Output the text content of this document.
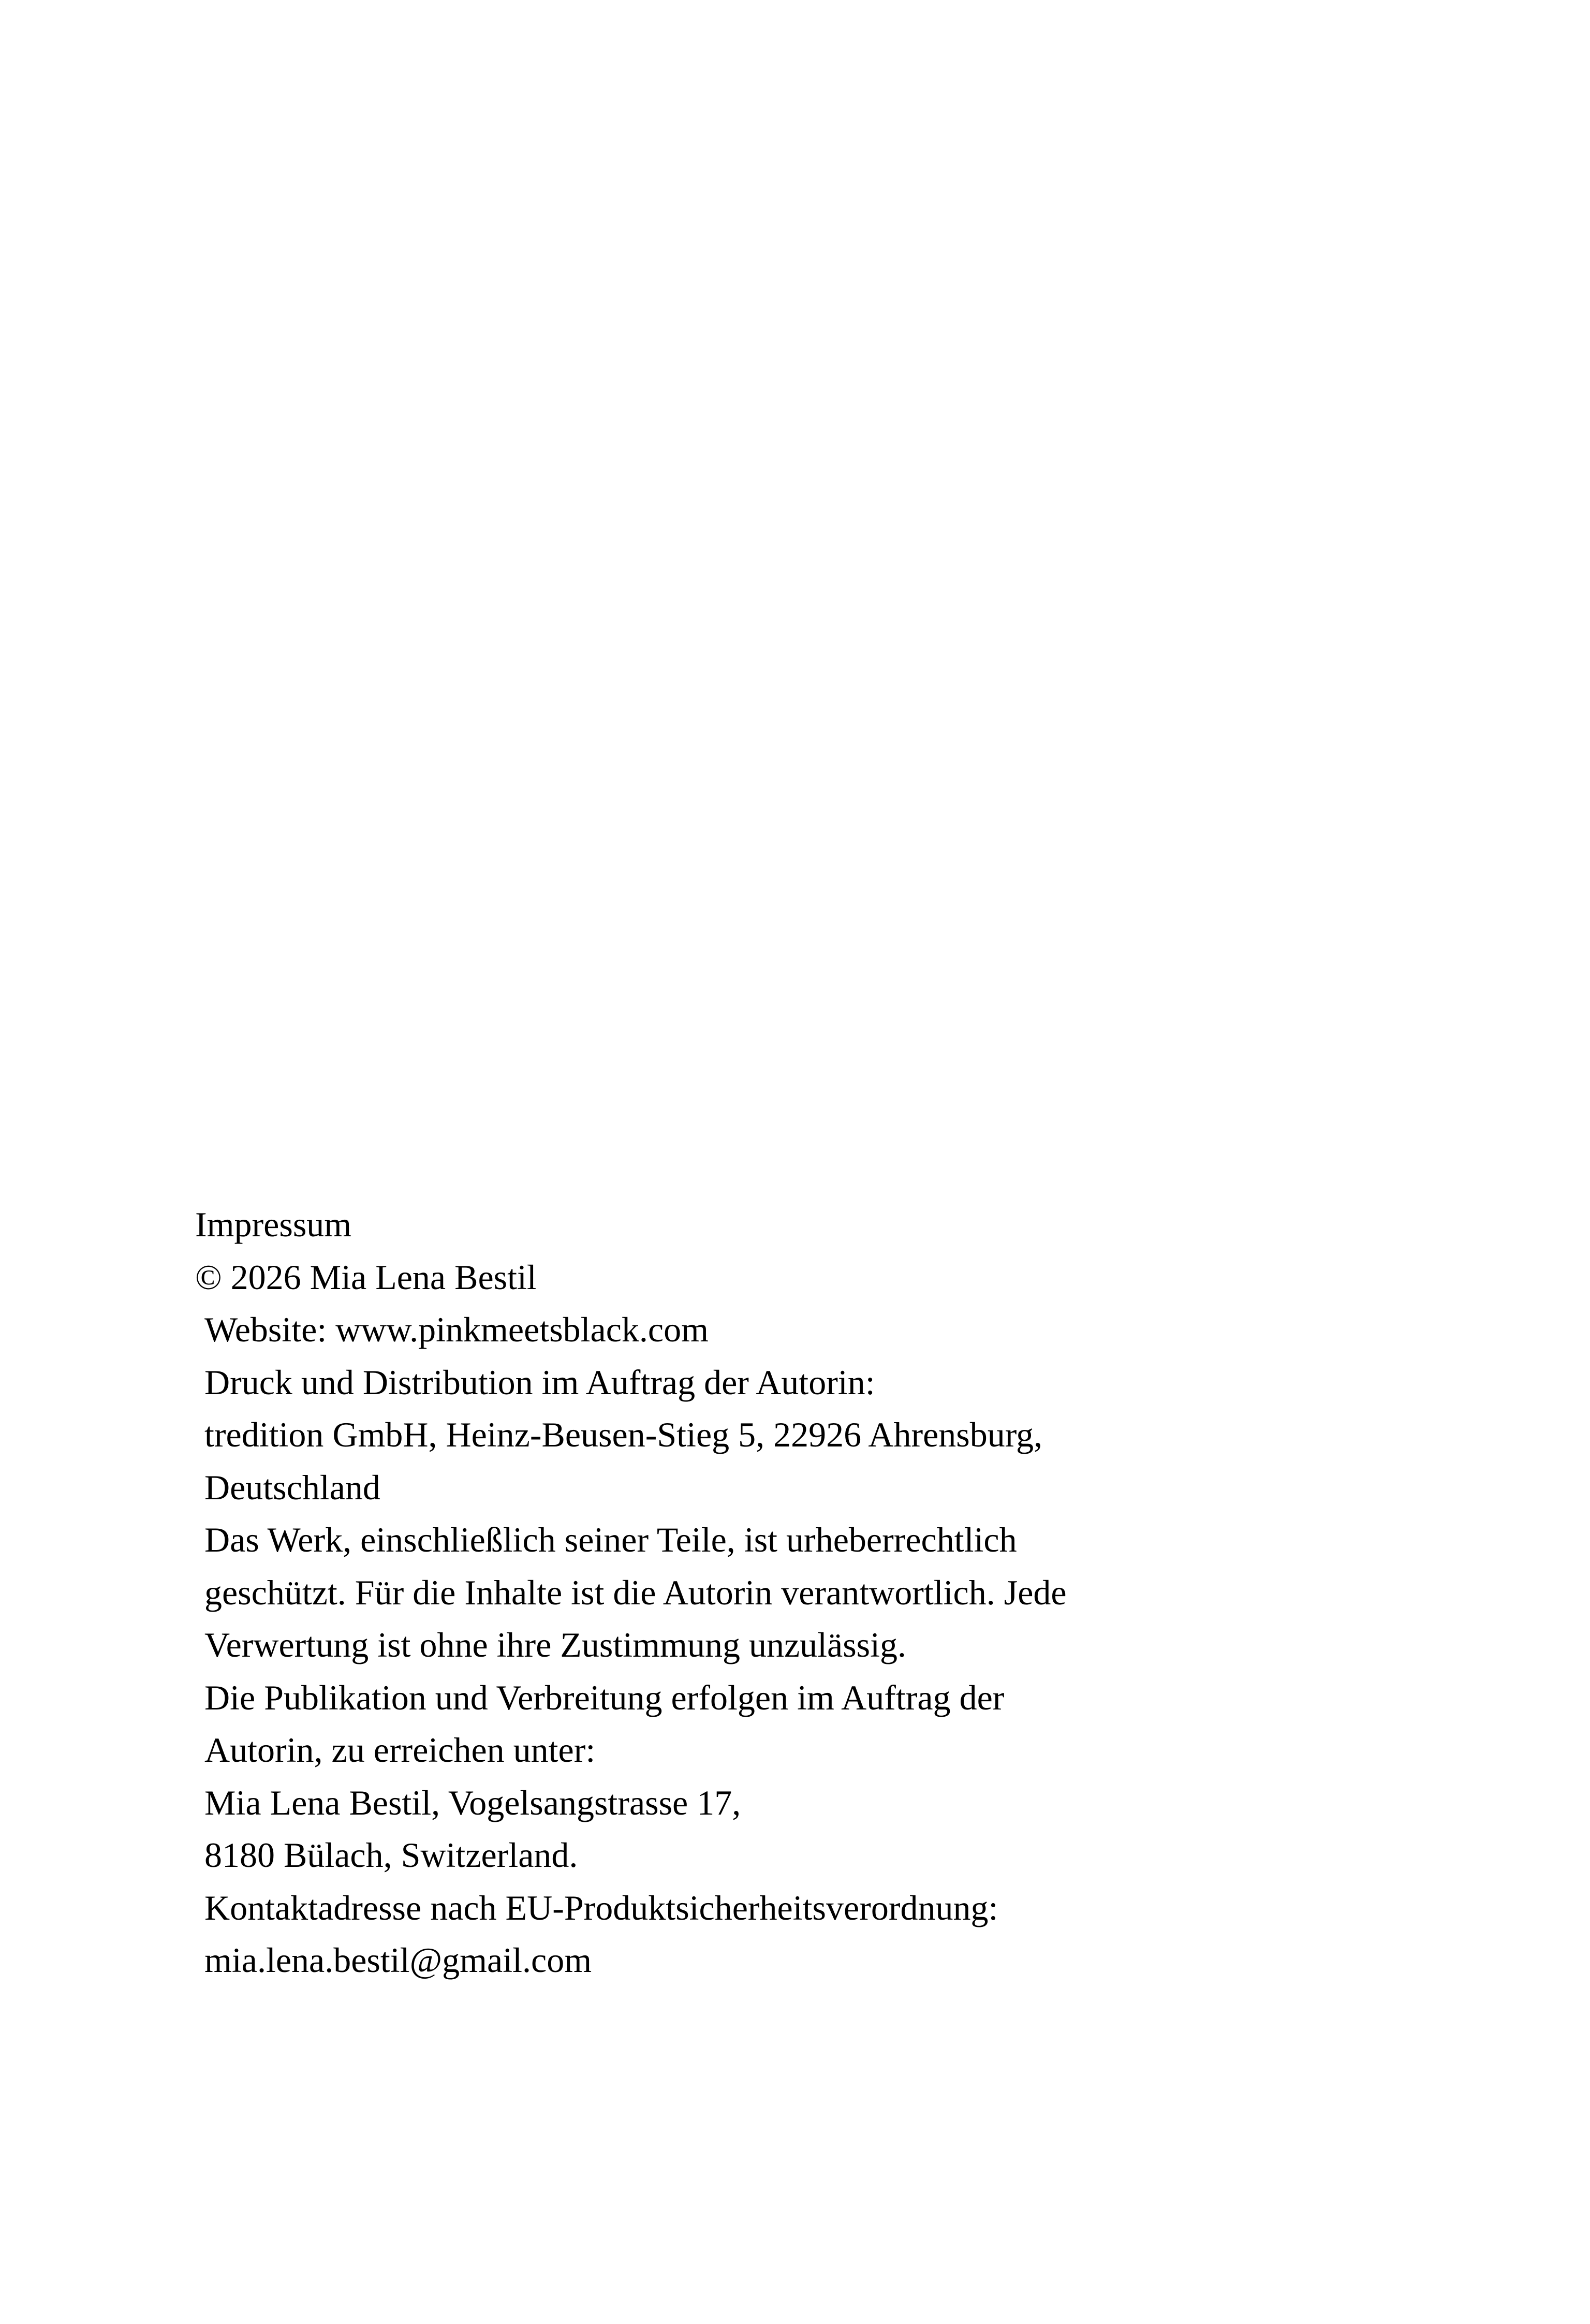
Impressum
© 2026 Mia Lena Bestil
Website: www.pinkmeetsblack.com
Druck und Distribution im Auftrag der Autorin:
tredition GmbH, Heinz-Beusen-Stieg 5, 22926 Ahrensburg,
Deutschland
Das Werk, einschließlich seiner Teile, ist urheberrechtlich
geschützt. Für die Inhalte ist die Autorin verantwortlich. Jede
Verwertung ist ohne ihre Zustimmung unzulässig.
Die Publikation und Verbreitung erfolgen im Auftrag der
Autorin, zu erreichen unter:
Mia Lena Bestil, Vogelsangstrasse 17,
8180 Bülach, Switzerland.
Kontaktadresse nach EU-Produktsicherheitsverordnung:
mia.lena.bestil@gmail.com
